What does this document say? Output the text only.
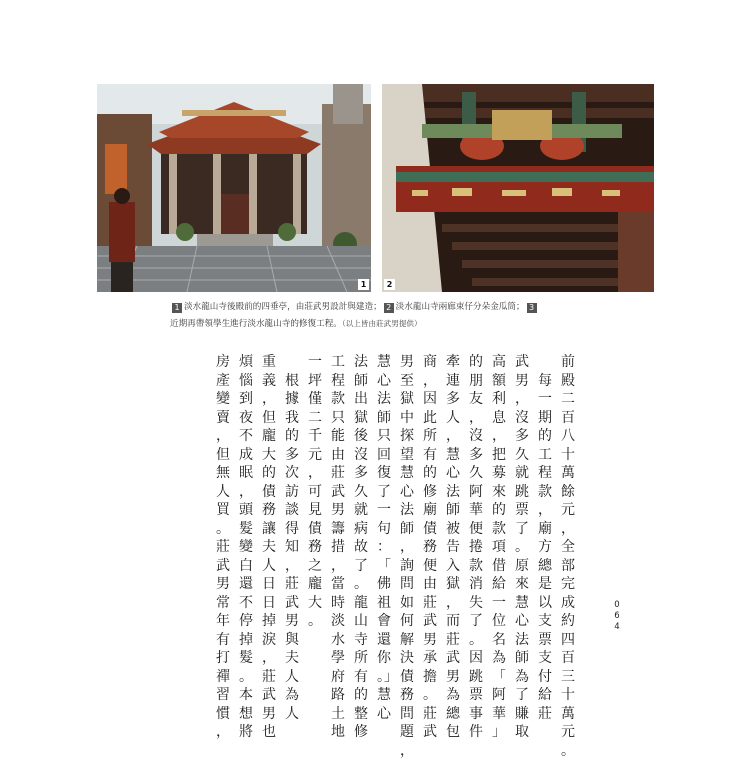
1	2
1 淡水龍山寺後殿前的四垂亭，由莊武男設計與建造； 2 淡水龍山寺兩廊束仔分朵金瓜筒； 3
近期再帶領學生進行淡水龍山寺的修復工程。（以上皆由莊武男提供）
前殿二百八十萬餘元，全部完成約四百三十萬元。
　每一期的工程款，廟方總是以支票支付給莊
武男，沒多久就跳票了。原來慧心法師為了賺取
高額利息，把募來的款項借給一位名為「阿華」
的朋友，沒多久阿華便捲款消失了。因跳票事件
牽連多人，慧心法師被告入獄，而莊武男為總包
商，因此所有的修廟債務便由莊武男承擔。莊武
男至獄中探望慧心法師，詢問如何解決債務問題，
慧心法師只回復了一句：「佛祖會還你。」慧心
法師出獄後沒多久就病故了。龍山寺所有的整修
工程款只能由莊武男籌措，當時淡水學府路土地
一坪僅二千元，可見債務之龐大。
　根據我的多次訪談得知，莊武男與夫人為人
重義，但龐大的債務讓夫人日日掉淚，莊武男也
煩惱到夜不成眠，頭髮變白還不停掉髮。本想將
房產變賣，但無人買。莊武男常年有打禪習慣，
064
